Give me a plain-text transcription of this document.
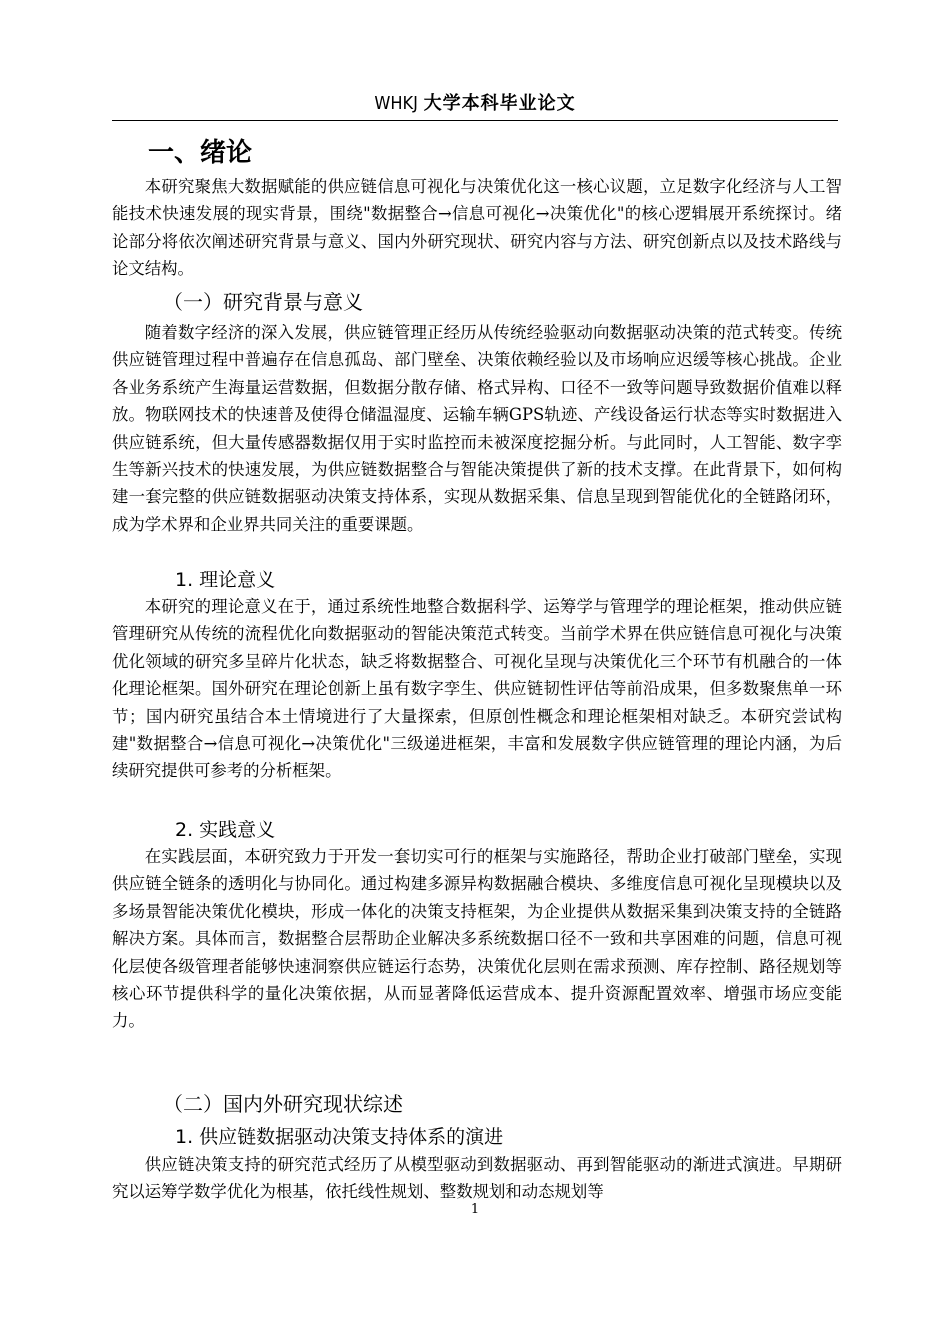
WHKJ 大学本科毕业论文
一、绪论

本研究聚焦大数据赋能的供应链信息可视化与决策优化这一核心议题，立足数字化经济与人工智能技术快速发展的现实背景，围绕"数据整合→信息可视化→决策优化"的核心逻辑展开系统探讨。绪论部分将依次阐述研究背景与意义、国内外研究现状、研究内容与方法、研究创新点以及技术路线与论文结构。

（一）研究背景与意义

随着数字经济的深入发展，供应链管理正经历从传统经验驱动向数据驱动决策的范式转变。传统供应链管理过程中普遍存在信息孤岛、部门壁垒、决策依赖经验以及市场响应迟缓等核心挑战。企业各业务系统产生海量运营数据，但数据分散存储、格式异构、口径不一致等问题导致数据价值难以释放。物联网技术的快速普及使得仓储温湿度、运输车辆GPS轨迹、产线设备运行状态等实时数据进入供应链系统，但大量传感器数据仅用于实时监控而未被深度挖掘分析。与此同时，人工智能、数字孪生等新兴技术的快速发展，为供应链数据整合与智能决策提供了新的技术支撑。在此背景下，如何构建一套完整的供应链数据驱动决策支持体系，实现从数据采集、信息呈现到智能优化的全链路闭环，成为学术界和企业界共同关注的重要课题。

1. 理论意义

本研究的理论意义在于，通过系统性地整合数据科学、运筹学与管理学的理论框架，推动供应链管理研究从传统的流程优化向数据驱动的智能决策范式转变。当前学术界在供应链信息可视化与决策优化领域的研究多呈碎片化状态，缺乏将数据整合、可视化呈现与决策优化三个环节有机融合的一体化理论框架。国外研究在理论创新上虽有数字孪生、供应链韧性评估等前沿成果，但多数聚焦单一环节；国内研究虽结合本土情境进行了大量探索，但原创性概念和理论框架相对缺乏。本研究尝试构建"数据整合→信息可视化→决策优化"三级递进框架，丰富和发展数字供应链管理的理论内涵，为后续研究提供可参考的分析框架。

2. 实践意义

在实践层面，本研究致力于开发一套切实可行的框架与实施路径，帮助企业打破部门壁垒，实现供应链全链条的透明化与协同化。通过构建多源异构数据融合模块、多维度信息可视化呈现模块以及多场景智能决策优化模块，形成一体化的决策支持框架，为企业提供从数据采集到决策支持的全链路解决方案。具体而言，数据整合层帮助企业解决多系统数据口径不一致和共享困难的问题，信息可视化层使各级管理者能够快速洞察供应链运行态势，决策优化层则在需求预测、库存控制、路径规划等核心环节提供科学的量化决策依据，从而显著降低运营成本、提升资源配置效率、增强市场应变能力。

（二）国内外研究现状综述
1. 供应链数据驱动决策支持体系的演进

供应链决策支持的研究范式经历了从模型驱动到数据驱动、再到智能驱动的渐进式演进。早期研究以运筹学数学优化为根基，依托线性规划、整数规划和动态规划等

1
